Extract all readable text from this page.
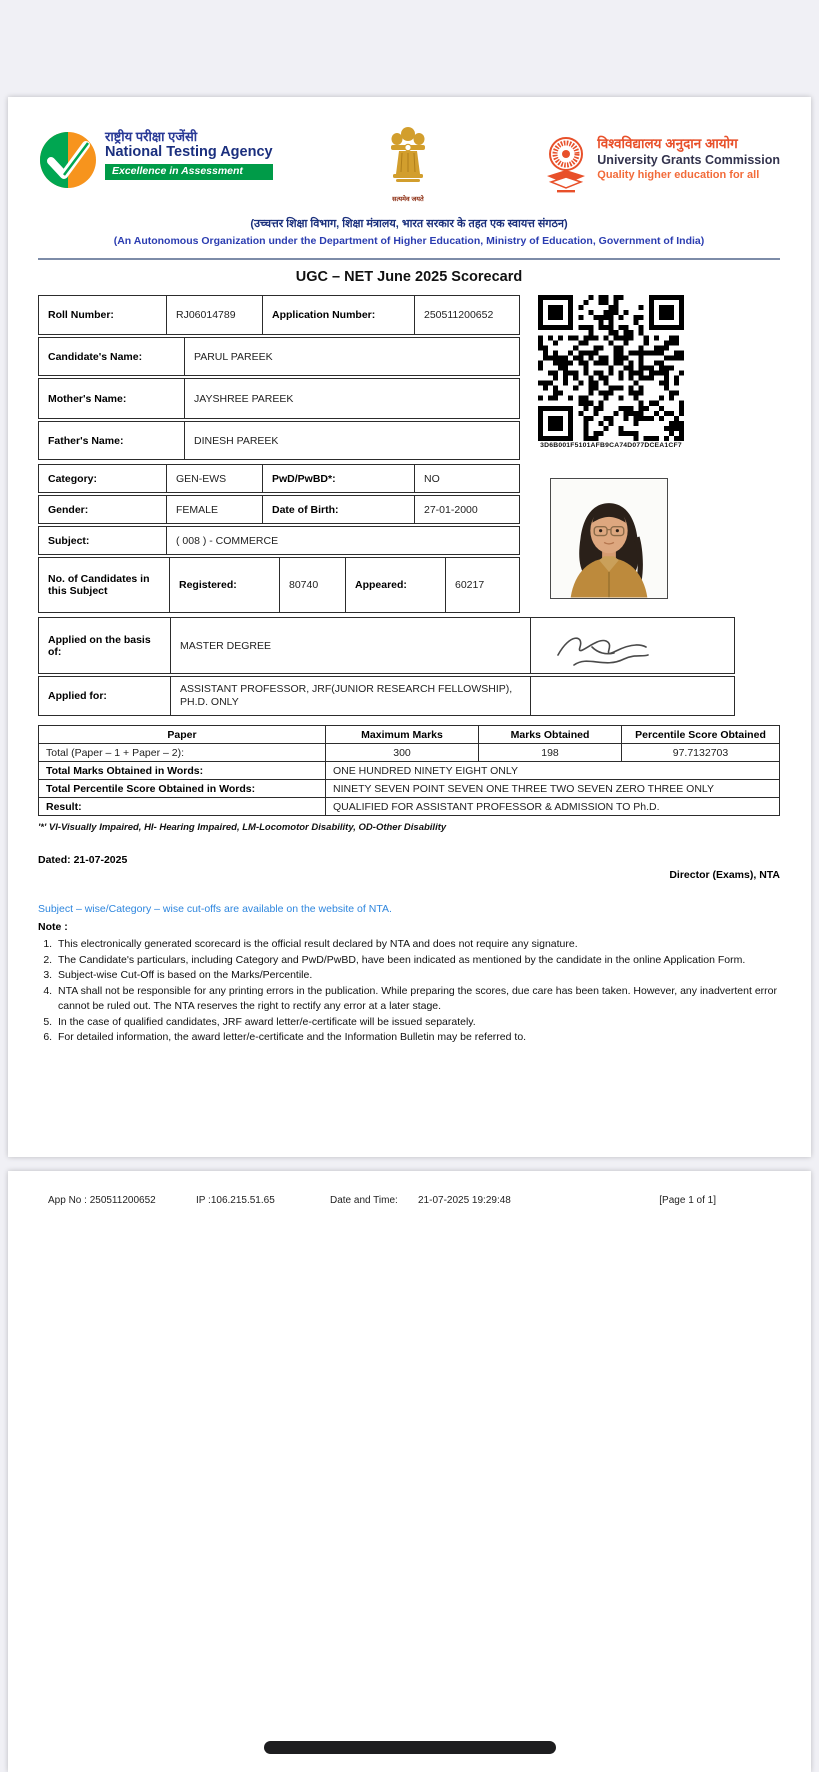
राष्ट्रीय परीक्षा एजेंसी
National Testing Agency
Excellence in Assessment
सत्यमेव जयते
विश्वविद्यालय अनुदान आयोग
University Grants Commission
Quality higher education for all
(उच्चत्तर शिक्षा विभाग, शिक्षा मंत्रालय, भारत सरकार के तहत एक स्वायत्त संगठन)
(An Autonomous Organization under the Department of Higher Education, Ministry of Education, Government of India)
UGC – NET June 2025 Scorecard
Roll Number:	RJ06014789	Application Number:	250511200652
Candidate's Name:	PARUL PAREEK
Mother's Name:	JAYSHREE PAREEK
Father's Name:	DINESH PAREEK
Category:	GEN-EWS	PwD/PwBD*:	NO
Gender:	FEMALE	Date of Birth:	27-01-2000
Subject:	( 008 ) - COMMERCE
No. of Candidates in this Subject	Registered:	80740	Appeared:	60217
Applied on the basis of:	MASTER DEGREE
Applied for:
ASSISTANT PROFESSOR, JRF(JUNIOR RESEARCH FELLOWSHIP), PH.D. ONLY
3D6B001F5101AFB9CA74D077DCEA1CF7
Paper	Maximum Marks	Marks Obtained	Percentile Score Obtained
Total (Paper – 1 + Paper – 2):	300	198	97.7132703
Total Marks Obtained in Words:	ONE HUNDRED NINETY EIGHT ONLY		
Total Percentile Score Obtained in Words:	NINETY SEVEN POINT SEVEN ONE THREE TWO SEVEN ZERO THREE ONLY		
Result:	QUALIFIED FOR ASSISTANT PROFESSOR & ADMISSION TO Ph.D.		
'*' VI-Visually Impaired, HI- Hearing Impaired, LM-Locomotor Disability, OD-Other Disability
Dated: 21-07-2025
Director (Exams), NTA
Subject – wise/Category – wise cut-offs are available on the website of NTA.
Note :
1. This electronically generated scorecard is the official result declared by NTA and does not require any signature.
2. The Candidate's particulars, including Category and PwD/PwBD, have been indicated as mentioned by the candidate in the online Application Form.
3. Subject-wise Cut-Off is based on the Marks/Percentile.
4. NTA shall not be responsible for any printing errors in the publication. While preparing the scores, due care has been taken. However, any inadvertent error cannot be ruled out. The NTA reserves the right to rectify any error at a later stage.
5. In the case of qualified candidates, JRF award letter/e-certificate will be issued separately.
6. For detailed information, the award letter/e-certificate and the Information Bulletin may be referred to.
App No : 250511200652	IP :106.215.51.65	Date and Time: 21-07-2025 19:29:48	[Page 1 of 1]
